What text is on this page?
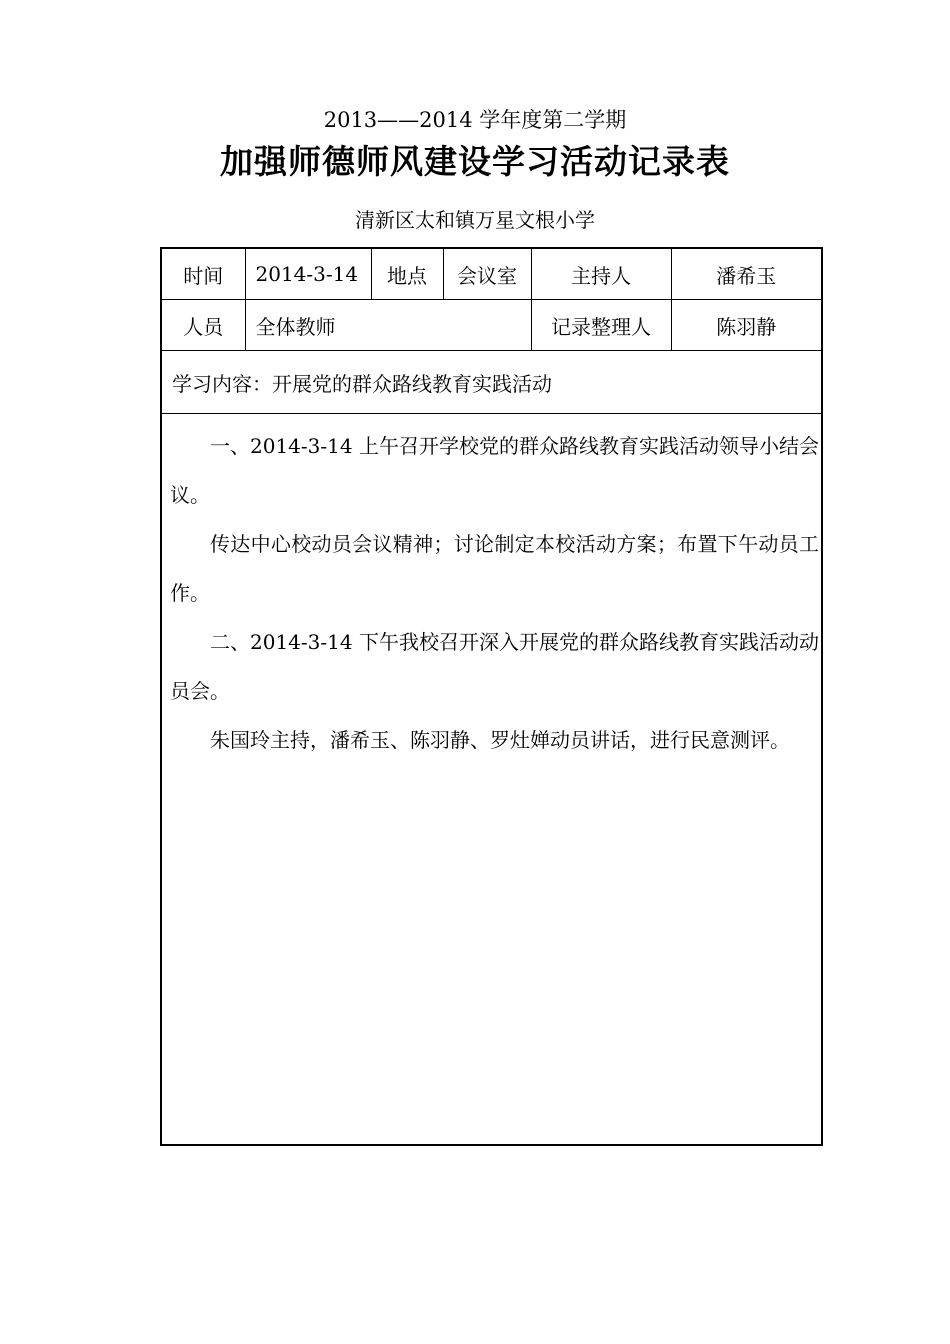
2013——2014 学年度第二学期
加强师德师风建设学习活动记录表
清新区太和镇万星文根小学
时间	2014-3-14	地点	会议室	主持人	潘希玉
人员	全体教师			记录整理人	陈羽静
学习内容：开展党的群众路线教育实践活动					

一、2014-3-14 上午召开学校党的群众路线教育实践活动领导小结会议。

传达中心校动员会议精神；讨论制定本校活动方案；布置下午动员工作。

二、2014-3-14 下午我校召开深入开展党的群众路线教育实践活动动员会。

朱国玲主持，潘希玉、陈羽静、罗灶婵动员讲话，进行民意测评。					
